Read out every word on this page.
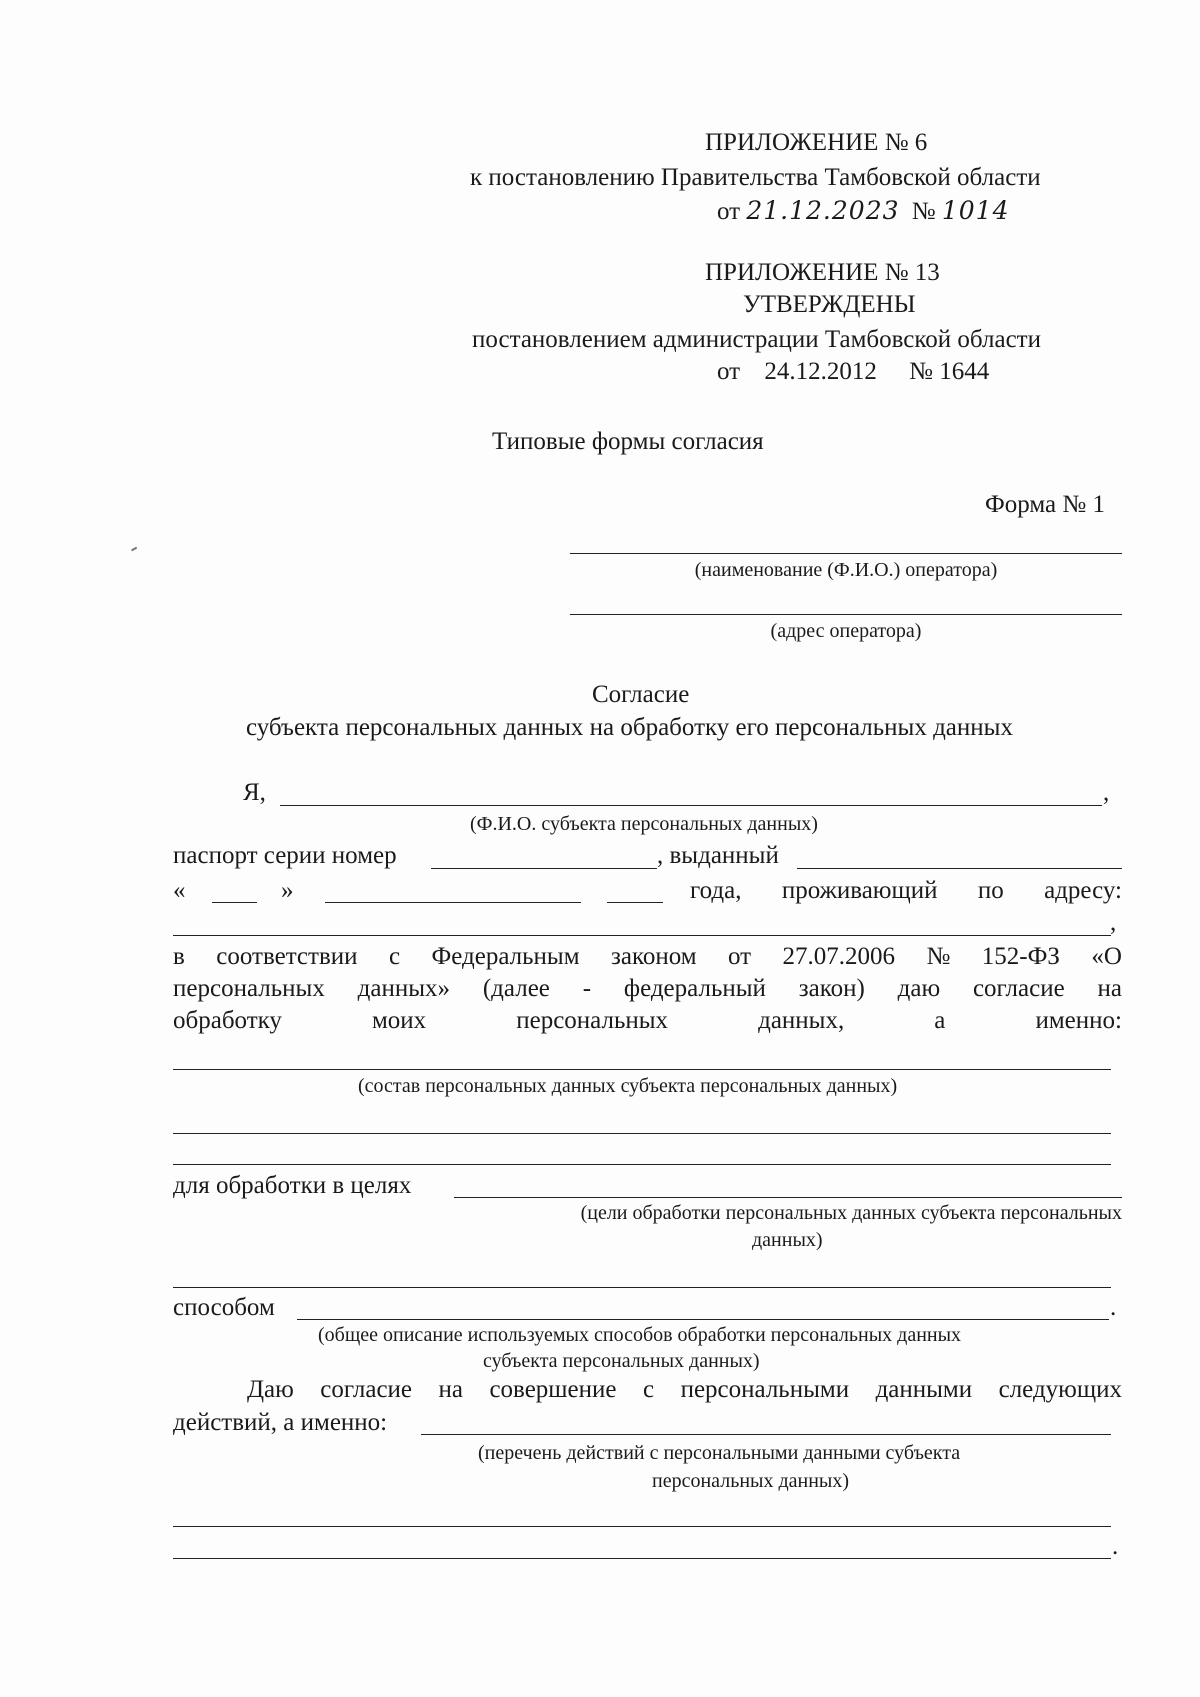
ПРИЛОЖЕНИЕ № 6
к постановлению Правительства Тамбовской области
от 21.12.2023 № 1014
ПРИЛОЖЕНИЕ № 13
УТВЕРЖДЕНЫ
постановлением администрации Тамбовской области
от 24.12.2012 № 1644
Типовые формы согласия
Форма № 1
(наименование (Ф.И.О.) оператора)
(адрес оператора)
Согласие
субъекта персональных данных на обработку его персональных данных
Я,	,
(Ф.И.О. субъекта персональных данных)
паспорт серии номер	, выданный
«	»	года, проживающий по адресу:
,
в соответствии с Федеральным законом от 27.07.2006 № 152-ФЗ «О
персональных данных» (далее - федеральный закон) даю согласие на
обработку	моих	персональных	данных,	а	именно:
(состав персональных данных субъекта персональных данных)
для обработки в целях
(цели обработки персональных данных субъекта персональных
данных)
способом	.
(общее описание используемых способов обработки персональных данных
субъекта персональных данных)
Даю согласие на совершение с персональными данными следующих
действий, а именно:
(перечень действий с персональными данными субъекта
персональных данных)
.
